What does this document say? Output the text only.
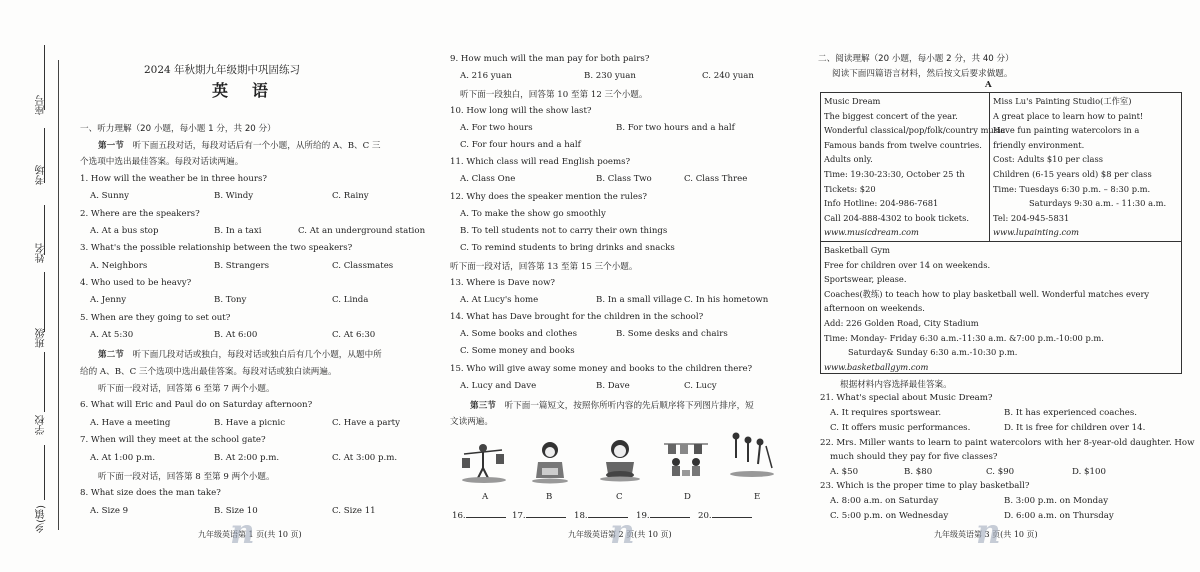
座号
考场
姓名
班级
学校
乡(镇)
2024 年秋期九年级期中巩固练习
英　语
一、听力理解（20 小题，每小题 1 分，共 20 分）
第一节 听下面五段对话，每段对话后有一个小题，从所给的 A、B、C 三
个选项中选出最佳答案。每段对话读两遍。
1. How will the weather be in three hours?
A. Sunny	B. Windy	C. Rainy
2. Where are the speakers?
A. At a bus stop	B. In a taxi	C. At an underground station
3. What's the possible relationship between the two speakers?
A. Neighbors	B. Strangers	C. Classmates
4. Who used to be heavy?
A. Jenny	B. Tony	C. Linda
5. When are they going to set out?
A. At 5:30	B. At 6:00	C. At 6:30
第二节 听下面几段对话或独白，每段对话或独白后有几个小题，从题中所
给的 A、B、C 三个选项中选出最佳答案。每段对话或独白读两遍。
听下面一段对话，回答第 6 至第 7 两个小题。
6. What will Eric and Paul do on Saturday afternoon?
A. Have a meeting	B. Have a picnic	C. Have a party
7. When will they meet at the school gate?
A. At 1:00 p.m.	B. At 2:00 p.m.	C. At 3:00 p.m.
听下面一段对话，回答第 8 至第 9 两个小题。
8. What size does the man take?
A. Size 9	B. Size 10	C. Size 11
九年级英语第 1 页(共 10 页)
n
9. How much will the man pay for both pairs?
A. 216 yuan	B. 230 yuan	C. 240 yuan
听下面一段独白，回答第 10 至第 12 三个小题。
10. How long will the show last?
A. For two hours	B. For two hours and a half
C. For four hours and a half
11. Which class will read English poems?
A. Class One	B. Class Two	C. Class Three
12. Why does the speaker mention the rules?
A. To make the show go smoothly
B. To tell students not to carry their own things
C. To remind students to bring drinks and snacks
听下面一段对话，回答第 13 至第 15 三个小题。
13. Where is Dave now?
A. At Lucy's home	B. In a small village C. In his hometown
14. What has Dave brought for the children in the school?
A. Some books and clothes	B. Some desks and chairs
C. Some money and books
15. Who will give away some money and books to the children there?
A. Lucy and Dave	B. Dave	C. Lucy
第三节 听下面一篇短文，按照你所听内容的先后顺序将下列图片排序，短
文读两遍。
A	B	C	D	E
16.	17.	18.	19.	20.
九年级英语第 2 页(共 10 页)
n
二、阅读理解（20 小题，每小题 2 分，共 40 分）
阅读下面四篇语言材料，然后按文后要求做题。
A
Music Dream
The biggest concert of the year.
Wonderful classical/pop/folk/country music
Famous bands from twelve countries.
Adults only.
Time: 19:30-23:30, October 25 th
Tickets: $20
Info Hotline: 204-986-7681
Call 204-888-4302 to book tickets.
www.musicdream.com
Miss Lu's Painting Studio(工作室)
A great place to learn how to paint!
Have fun painting watercolors in a
friendly environment.
Cost: Adults $10 per class
Children (6-15 years old) $8 per class
Time: Tuesdays 6:30 p.m. – 8:30 p.m.
Saturdays 9:30 a.m. - 11:30 a.m.
Tel: 204-945-5831
www.lupainting.com
Basketball Gym
Free for children over 14 on weekends.
Sportswear, please.
Coaches(教练) to teach how to play basketball well. Wonderful matches every
afternoon on weekends.
Add: 226 Golden Road, City Stadium
Time: Monday- Friday 6:30 a.m.-11:30 a.m. &7:00 p.m.-10:00 p.m.
Saturday& Sunday 6:30 a.m.-10:30 p.m.
www.basketballgym.com
根据材料内容选择最佳答案。
21. What's special about Music Dream?
A. It requires sportswear.	B. It has experienced coaches.
C. It offers music performances.	D. It is free for children over 14.
22. Mrs. Miller wants to learn to paint watercolors with her 8-year-old daughter. How
much should they pay for five classes?
A. $50	B. $80	C. $90	D. $100
23. Which is the proper time to play basketball?
A. 8:00 a.m. on Saturday	B. 3:00 p.m. on Monday
C. 5:00 p.m. on Wednesday	D. 6:00 a.m. on Thursday
九年级英语第 3 页(共 10 页)
n
